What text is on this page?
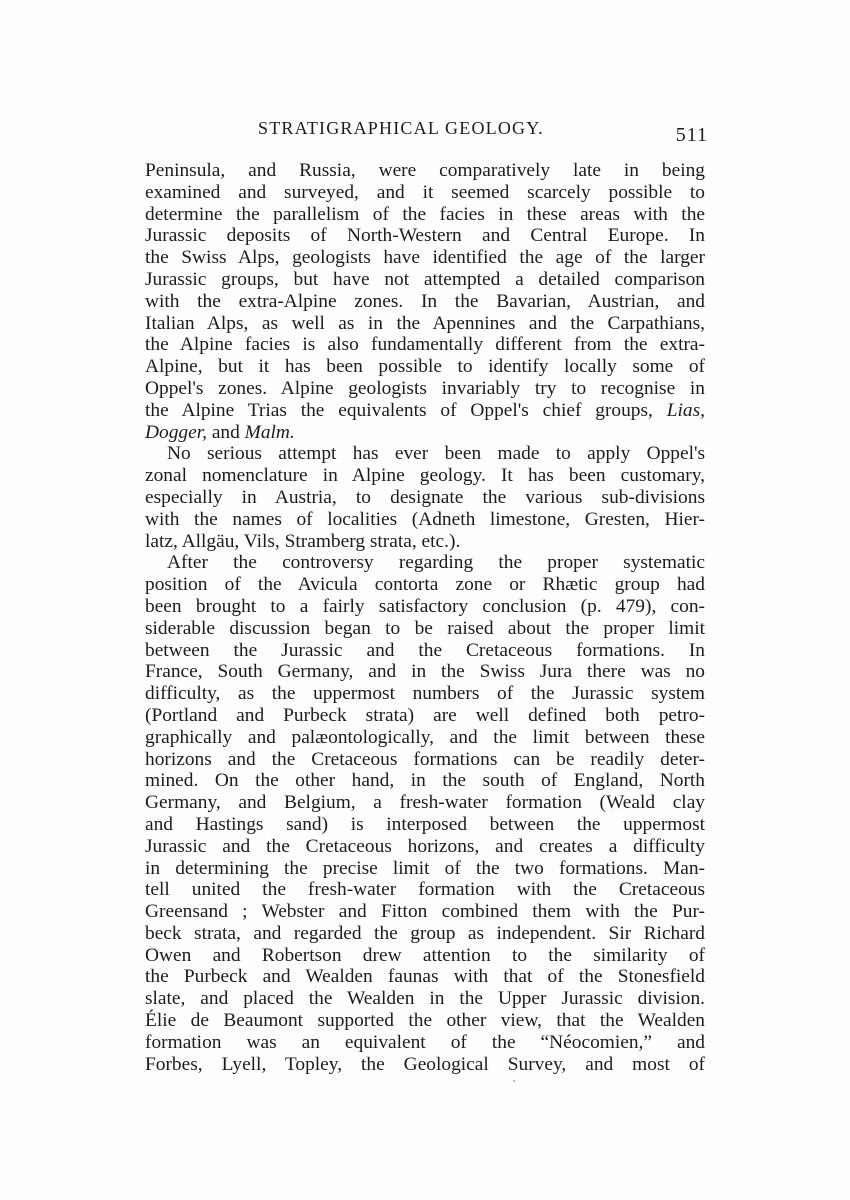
STRATIGRAPHICAL GEOLOGY.	511
Peninsula, and Russia, were comparatively late in being
examined and surveyed, and it seemed scarcely possible to
determine the parallelism of the facies in these areas with the
Jurassic deposits of North-Western and Central Europe. In
the Swiss Alps, geologists have identified the age of the larger
Jurassic groups, but have not attempted a detailed comparison
with the extra-Alpine zones. In the Bavarian, Austrian, and
Italian Alps, as well as in the Apennines and the Carpathians,
the Alpine facies is also fundamentally different from the extra-
Alpine, but it has been possible to identify locally some of
Oppel's zones. Alpine geologists invariably try to recognise in
the Alpine Trias the equivalents of Oppel's chief groups, Lias,
Dogger, and Malm.
No serious attempt has ever been made to apply Oppel's
zonal nomenclature in Alpine geology. It has been customary,
especially in Austria, to designate the various sub-divisions
with the names of localities (Adneth limestone, Gresten, Hier-
latz, Allgäu, Vils, Stramberg strata, etc.).
After the controversy regarding the proper systematic
position of the Avicula contorta zone or Rhætic group had
been brought to a fairly satisfactory conclusion (p. 479), con-
siderable discussion began to be raised about the proper limit
between the Jurassic and the Cretaceous formations. In
France, South Germany, and in the Swiss Jura there was no
difficulty, as the uppermost numbers of the Jurassic system
(Portland and Purbeck strata) are well defined both petro-
graphically and palæontologically, and the limit between these
horizons and the Cretaceous formations can be readily deter-
mined. On the other hand, in the south of England, North
Germany, and Belgium, a fresh-water formation (Weald clay
and Hastings sand) is interposed between the uppermost
Jurassic and the Cretaceous horizons, and creates a difficulty
in determining the precise limit of the two formations. Man-
tell united the fresh-water formation with the Cretaceous
Greensand ; Webster and Fitton combined them with the Pur-
beck strata, and regarded the group as independent. Sir Richard
Owen and Robertson drew attention to the similarity of
the Purbeck and Wealden faunas with that of the Stonesfield
slate, and placed the Wealden in the Upper Jurassic division.
Élie de Beaumont supported the other view, that the Wealden
formation was an equivalent of the “Néocomien,” and
Forbes, Lyell, Topley, the Geological Survey, and most of
